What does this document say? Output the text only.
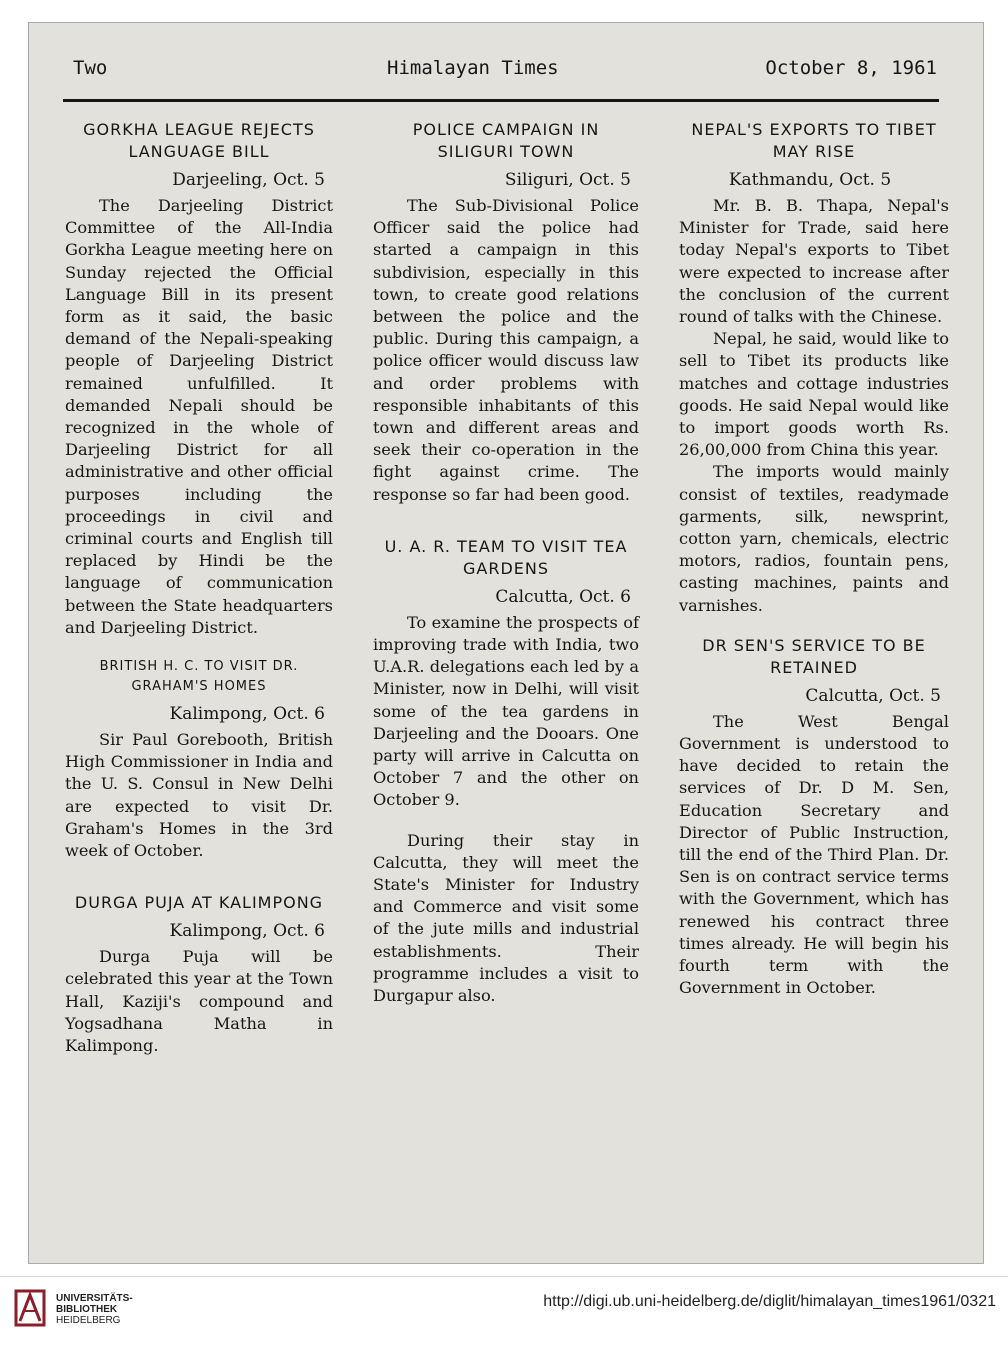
Two	Himalayan Times	October 8, 1961
GORKHA LEAGUE REJECTS LANGUAGE BILL
Darjeeling, Oct. 5

The Darjeeling District Committee of the All-India Gorkha League meeting here on Sunday rejected the Official Language Bill in its present form as it said, the basic demand of the Nepali-speaking people of Darjeeling District remained unfulfilled. It demanded Nepali should be recognized in the whole of Darjeeling District for all administrative and other official purposes including the proceedings in civil and criminal courts and English till replaced by Hindi be the language of communication between the State headquarters and Darjeeling District.

BRITISH H. C. TO VISIT DR. GRAHAM'S HOMES
Kalimpong, Oct. 6

Sir Paul Gorebooth, British High Commissioner in India and the U. S. Consul in New Delhi are expected to visit Dr. Graham's Homes in the 3rd week of October.

DURGA PUJA AT KALIMPONG
Kalimpong, Oct. 6

Durga Puja will be celebrated this year at the Town Hall, Kaziji's compound and Yogsadhana Matha in Kalimpong.

POLICE CAMPAIGN IN SILIGURI TOWN
Siliguri, Oct. 5

The Sub-Divisional Police Officer said the police had started a campaign in this subdivision, especially in this town, to create good relations between the police and the public. During this campaign, a police officer would discuss law and order problems with responsible inhabitants of this town and different areas and seek their co-operation in the fight against crime. The response so far had been good.

U. A. R. TEAM TO VISIT TEA GARDENS
Calcutta, Oct. 6

To examine the prospects of improving trade with India, two U.A.R. delegations each led by a Minister, now in Delhi, will visit some of the tea gardens in Darjeeling and the Dooars. One party will arrive in Calcutta on October 7 and the other on October 9.

During their stay in Calcutta, they will meet the State's Minister for Industry and Commerce and visit some of the jute mills and industrial establishments. Their programme includes a visit to Durgapur also.

NEPAL'S EXPORTS TO TIBET MAY RISE
Kathmandu, Oct. 5

Mr. B. B. Thapa, Nepal's Minister for Trade, said here today Nepal's exports to Tibet were expected to increase after the conclusion of the current round of talks with the Chinese.

Nepal, he said, would like to sell to Tibet its products like matches and cottage industries goods. He said Nepal would like to import goods worth Rs. 26,00,000 from China this year.

The imports would mainly consist of textiles, readymade garments, silk, newsprint, cotton yarn, chemicals, electric motors, radios, fountain pens, casting machines, paints and varnishes.

DR SEN'S SERVICE TO BE RETAINED
Calcutta, Oct. 5

The West Bengal Government is understood to have decided to retain the services of Dr. D M. Sen, Education Secretary and Director of Public Instruction, till the end of the Third Plan. Dr. Sen is on contract service terms with the Government, which has renewed his contract three times already. He will begin his fourth term with the Government in October.

UNIVERSITÄTS-
BIBLIOTHEK
HEIDELBERG
http://digi.ub.uni-heidelberg.de/diglit/himalayan_times1961/0321
